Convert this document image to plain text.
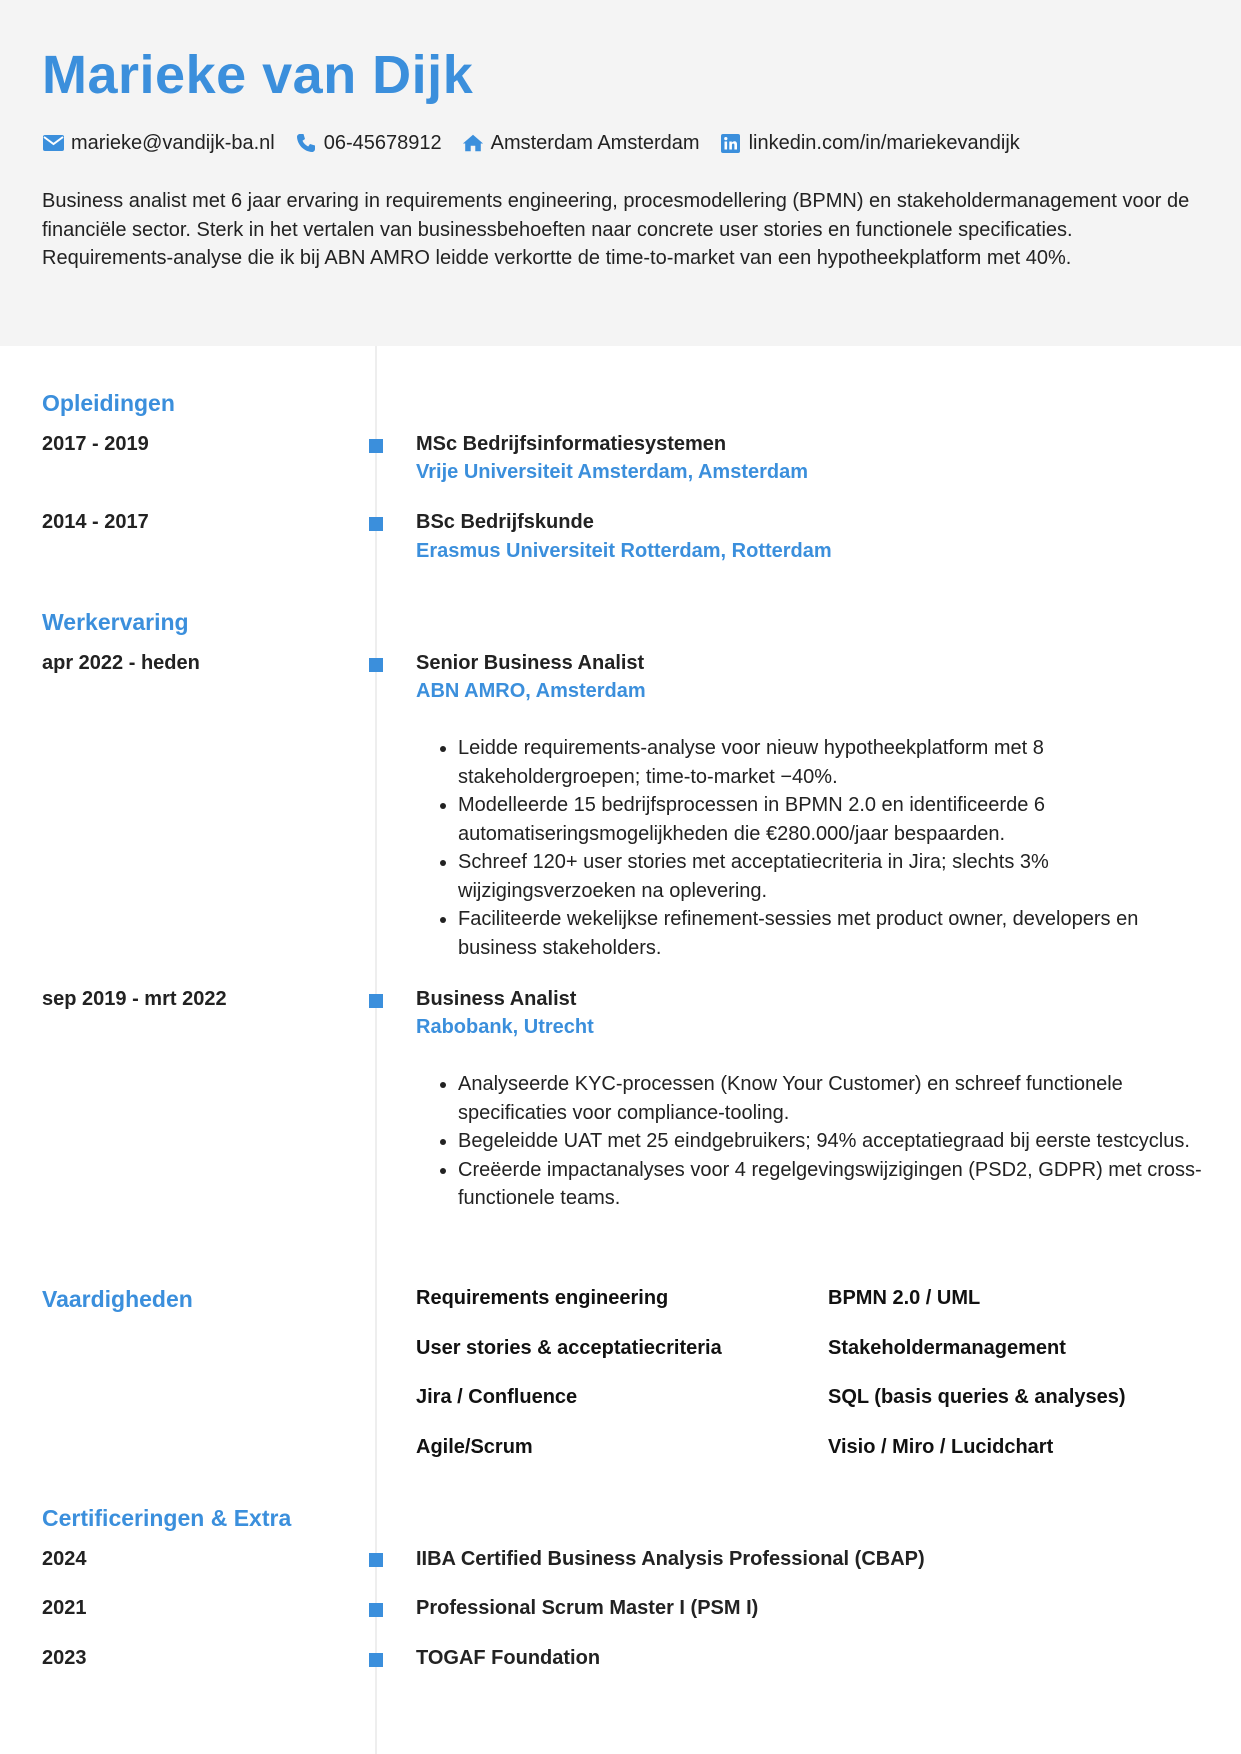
Marieke van Dijk
marieke@vandijk-ba.nl 06-45678912 Amsterdam Amsterdam linkedin.com/in/mariekevandijk

Business analist met 6 jaar ervaring in requirements engineering, procesmodellering (BPMN) en stakeholdermanagement voor de financiële sector. Sterk in het vertalen van businessbehoeften naar concrete user stories en functionele specificaties. Requirements-analyse die ik bij ABN AMRO leidde verkortte de time-to-market van een hypotheekplatform met 40%.

Opleidingen
2017 - 2019	MSc Bedrijfsinformatiesystemen
Vrije Universiteit Amsterdam, Amsterdam
2014 - 2017	BSc Bedrijfskunde
Erasmus Universiteit Rotterdam, Rotterdam
Werkervaring
apr 2022 - heden	Senior Business Analist
ABN AMRO, Amsterdam
• Leidde requirements-analyse voor nieuw hypotheekplatform met 8 stakeholdergroepen; time-to-market −40%.
• Modelleerde 15 bedrijfsprocessen in BPMN 2.0 en identificeerde 6 automatiseringsmogelijkheden die €280.000/jaar bespaarden.
• Schreef 120+ user stories met acceptatiecriteria in Jira; slechts 3% wijzigingsverzoeken na oplevering.
• Faciliteerde wekelijkse refinement-sessies met product owner, developers en business stakeholders.
sep 2019 - mrt 2022	Business Analist
Rabobank, Utrecht
• Analyseerde KYC-processen (Know Your Customer) en schreef functionele specificaties voor compliance-tooling.
• Begeleidde UAT met 25 eindgebruikers; 94% acceptatiegraad bij eerste testcyclus.
• Creëerde impactanalyses voor 4 regelgevingswijzigingen (PSD2, GDPR) met cross-functionele teams.
Vaardigheden	Requirements engineering	BPMN 2.0 / UML
User stories & acceptatiecriteria	Stakeholdermanagement
Jira / Confluence	SQL (basis queries & analyses)
Agile/Scrum	Visio / Miro / Lucidchart
Certificeringen & Extra
2024	IIBA Certified Business Analysis Professional (CBAP)
2021	Professional Scrum Master I (PSM I)
2023	TOGAF Foundation
